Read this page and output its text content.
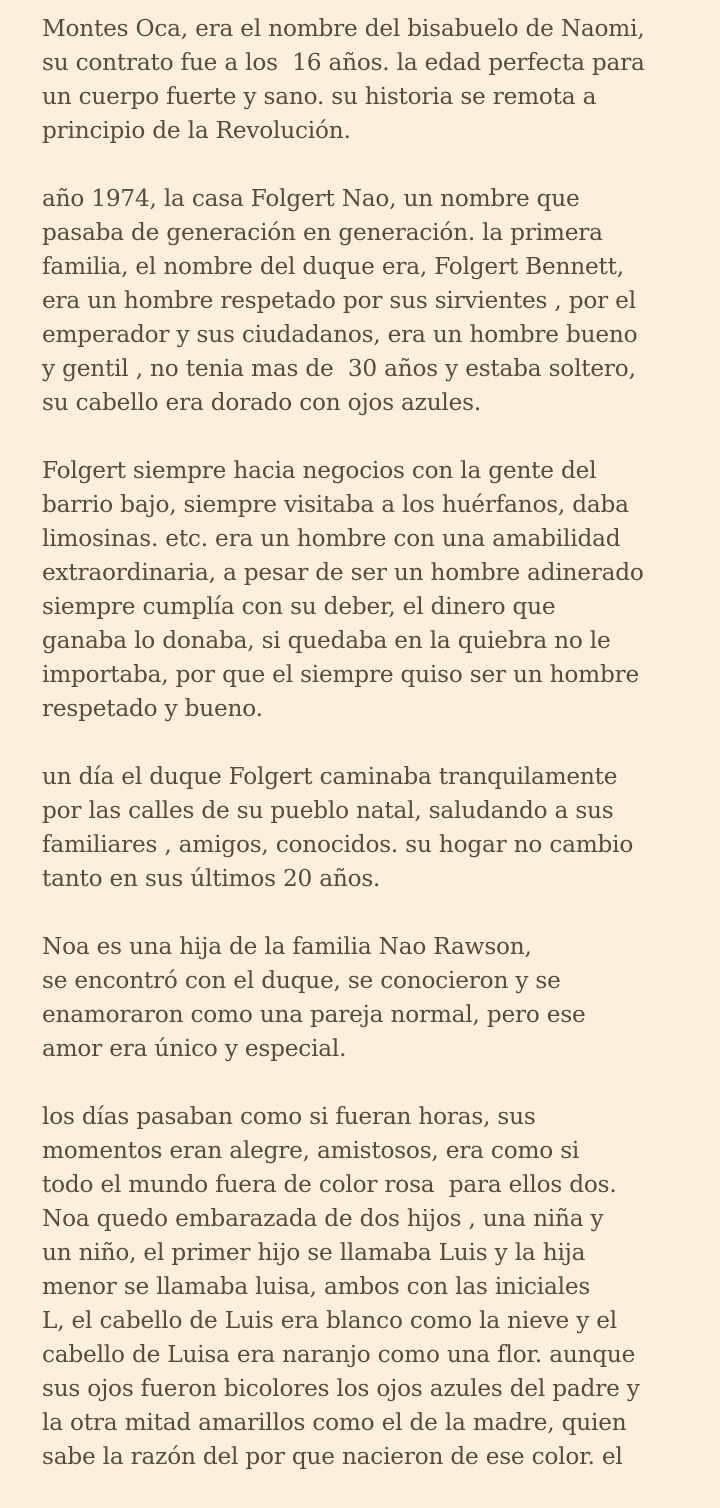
Montes Oca, era el nombre del bisabuelo de Naomi,
su contrato fue a los  16 años. la edad perfecta para
un cuerpo fuerte y sano. su historia se remota a
principio de la Revolución.

año 1974, la casa Folgert Nao, un nombre que
pasaba de generación en generación. la primera
familia, el nombre del duque era, Folgert Bennett,
era un hombre respetado por sus sirvientes , por el
emperador y sus ciudadanos, era un hombre bueno
y gentil , no tenia mas de  30 años y estaba soltero,
su cabello era dorado con ojos azules.

Folgert siempre hacia negocios con la gente del
barrio bajo, siempre visitaba a los huérfanos, daba
limosinas. etc. era un hombre con una amabilidad
extraordinaria, a pesar de ser un hombre adinerado
siempre cumplía con su deber, el dinero que
ganaba lo donaba, si quedaba en la quiebra no le
importaba, por que el siempre quiso ser un hombre
respetado y bueno.

un día el duque Folgert caminaba tranquilamente
por las calles de su pueblo natal, saludando a sus
familiares , amigos, conocidos. su hogar no cambio
tanto en sus últimos 20 años.

Noa es una hija de la familia Nao Rawson,
se encontró con el duque, se conocieron y se
enamoraron como una pareja normal, pero ese
amor era único y especial.

los días pasaban como si fueran horas, sus
momentos eran alegre, amistosos, era como si
todo el mundo fuera de color rosa  para ellos dos.
Noa quedo embarazada de dos hijos , una niña y
un niño, el primer hijo se llamaba Luis y la hija
menor se llamaba luisa, ambos con las iniciales
L, el cabello de Luis era blanco como la nieve y el
cabello de Luisa era naranjo como una flor. aunque
sus ojos fueron bicolores los ojos azules del padre y
la otra mitad amarillos como el de la madre, quien
sabe la razón del por que nacieron de ese color. el
